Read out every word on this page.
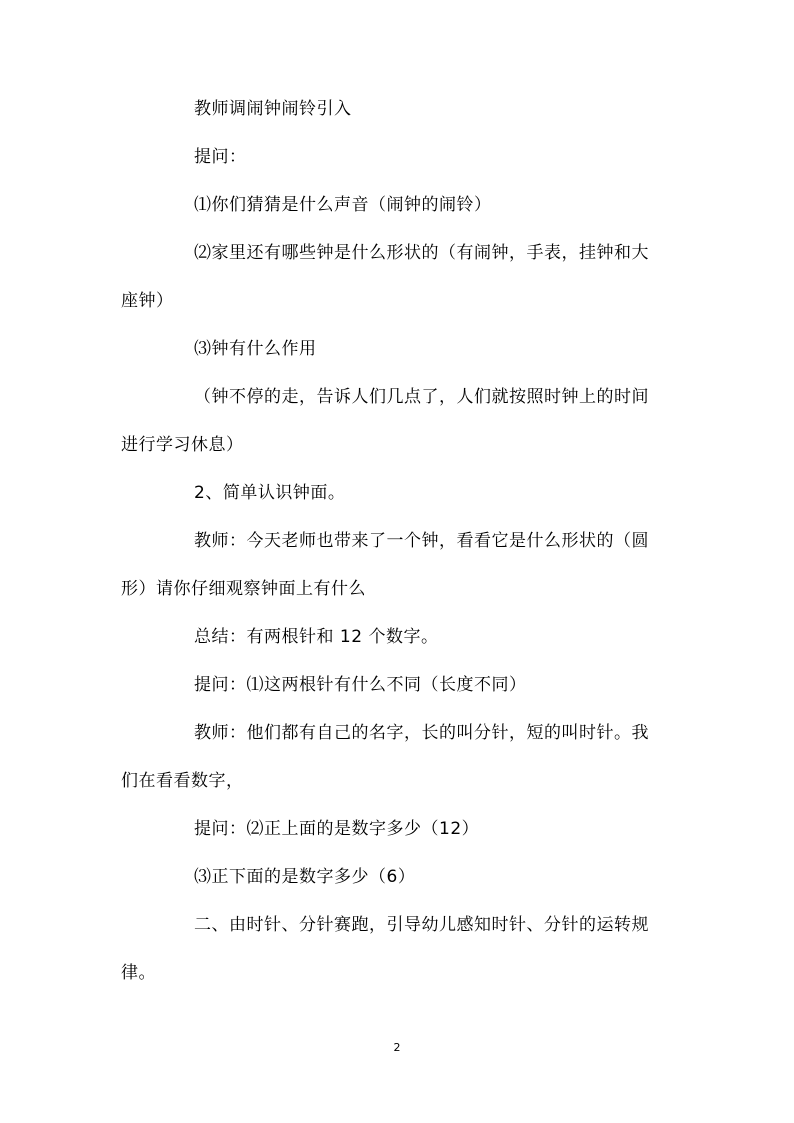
教师调闹钟闹铃引入
提问：
⑴你们猜猜是什么声音（闹钟的闹铃）
⑵家里还有哪些钟是什么形状的（有闹钟，手表，挂钟和大
座钟）
⑶钟有什么作用
（钟不停的走，告诉人们几点了，人们就按照时钟上的时间
进行学习休息）
2、简单认识钟面。
教师：今天老师也带来了一个钟，看看它是什么形状的（圆
形）请你仔细观察钟面上有什么
总结：有两根针和 12 个数字。
提问：⑴这两根针有什么不同（长度不同）
教师：他们都有自己的名字，长的叫分针，短的叫时针。我
们在看看数字，
提问：⑵正上面的是数字多少（12）
⑶正下面的是数字多少（6）
二、由时针、分针赛跑，引导幼儿感知时针、分针的运转规
律。
2
